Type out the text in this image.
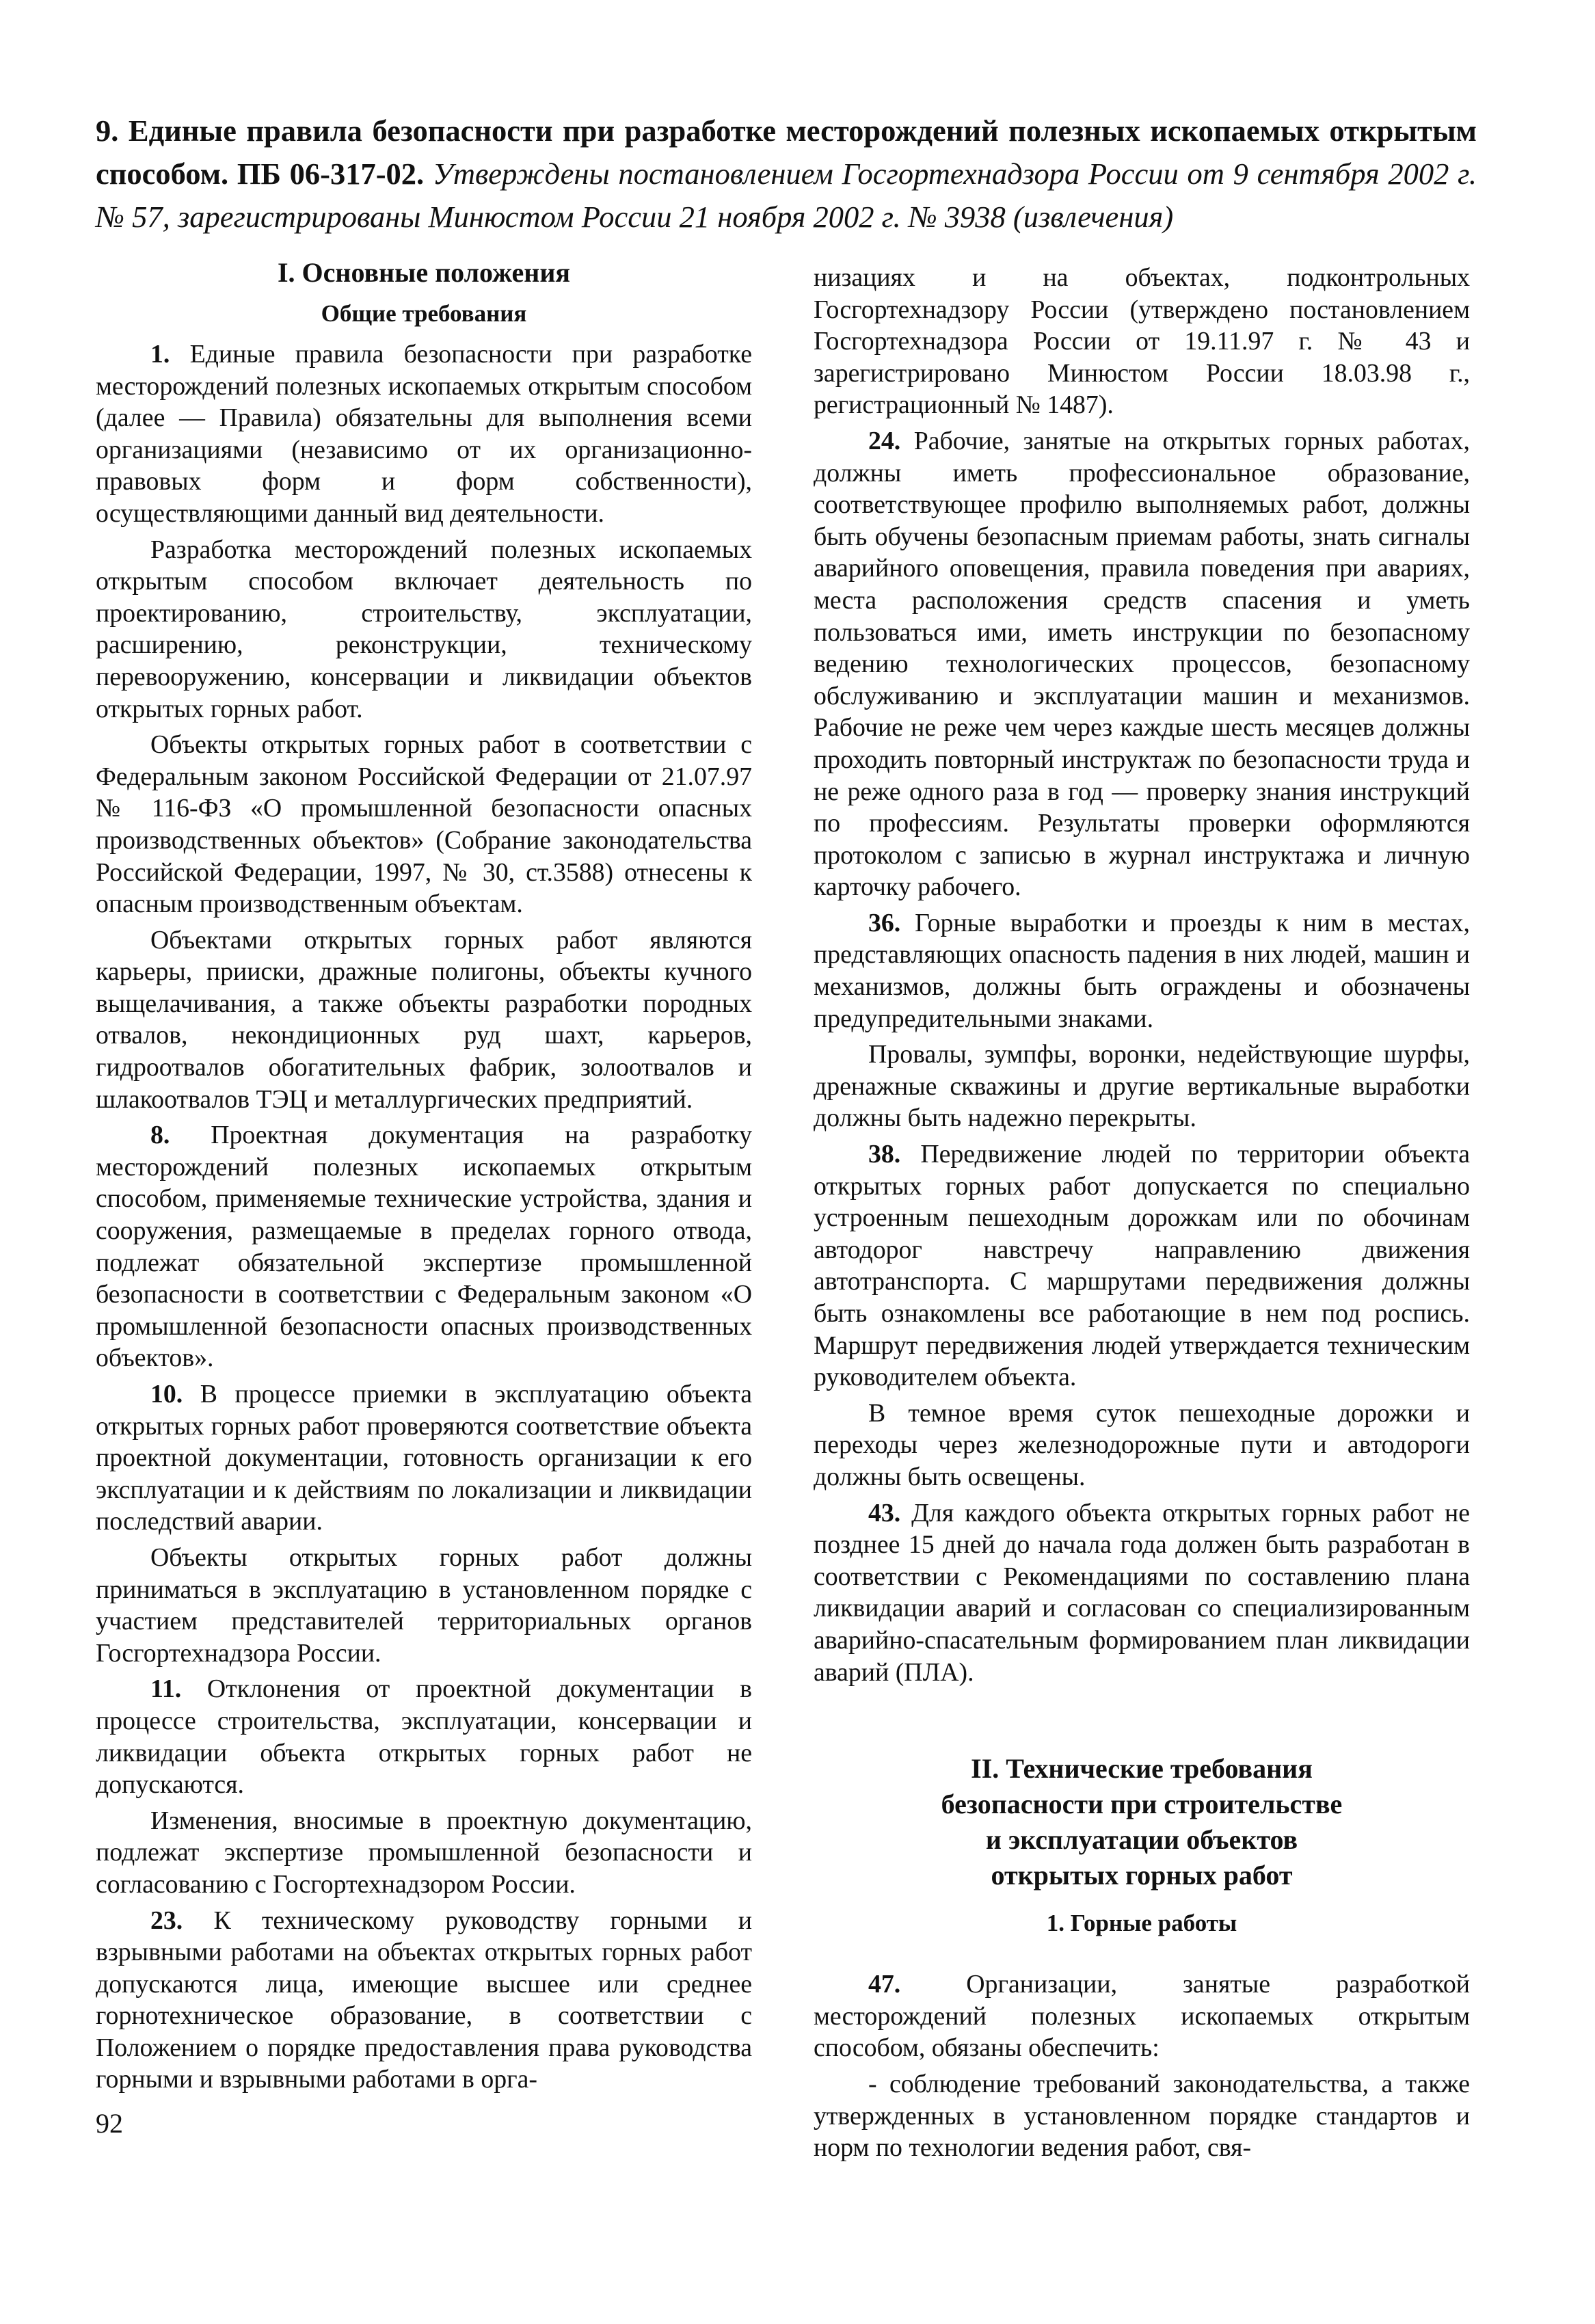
9. Единые правила безопасности при разработке месторождений полезных ископаемых открытым способом. ПБ 06-317-02. Утверждены постановлением Госгортехнадзора России от 9 сентября 2002 г. № 57, зарегистрированы Минюстом России 21 ноября 2002 г. № 3938 (извлечения)
I. Основные положения
Общие требования

1. Единые правила безопасности при разработке месторождений полезных ископаемых открытым способом (далее — Правила) обязательны для выполнения всеми организациями (независимо от их организационно-правовых форм и форм собственности), осуществляющими данный вид деятельности.

Разработка месторождений полезных ископаемых открытым способом включает деятельность по проектированию, строительству, эксплуатации, расширению, реконструкции, техническому перевооружению, консервации и ликвидации объектов открытых горных работ.

Объекты открытых горных работ в соответствии с Федеральным законом Российской Федерации от 21.07.97 № 116-ФЗ «О промышленной безопасности опасных производственных объектов» (Собрание законодательства Российской Федерации, 1997, № 30, ст.3588) отнесены к опасным производственным объектам.

Объектами открытых горных работ являются карьеры, прииски, дражные полигоны, объекты кучного выщелачивания, а также объекты разработки породных отвалов, некондиционных руд шахт, карьеров, гидроотвалов обогатительных фабрик, золоотвалов и шлакоотвалов ТЭЦ и металлургических предприятий.

8. Проектная документация на разработку месторождений полезных ископаемых открытым способом, применяемые технические устройства, здания и сооружения, размещаемые в пределах горного отвода, подлежат обязательной экспертизе промышленной безопасности в соответствии с Федеральным законом «О промышленной безопасности опасных производственных объектов».

10. В процессе приемки в эксплуатацию объекта открытых горных работ проверяются соответствие объекта проектной документации, готовность организации к его эксплуатации и к действиям по локализации и ликвидации последствий аварии.

Объекты открытых горных работ должны приниматься в эксплуатацию в установленном порядке с участием представителей территориальных органов Госгортехнадзора России.

11. Отклонения от проектной документации в процессе строительства, эксплуатации, консервации и ликвидации объекта открытых горных работ не допускаются.

Изменения, вносимые в проектную документацию, подлежат экспертизе промышленной безопасности и согласованию с Госгортехнадзором России.

23. К техническому руководству горными и взрывными работами на объектах открытых горных работ допускаются лица, имеющие высшее или среднее горнотехническое образование, в соответствии с Положением о порядке предоставления права руководства горными и взрывными работами в орга-

низациях и на объектах, подконтрольных Госгортехнадзору России (утверждено постановлением Госгортехнадзора России от 19.11.97 г. № 43 и зарегистрировано Минюстом России 18.03.98 г., регистрационный № 1487).

24. Рабочие, занятые на открытых горных работах, должны иметь профессиональное образование, соответствующее профилю выполняемых работ, должны быть обучены безопасным приемам работы, знать сигналы аварийного оповещения, правила поведения при авариях, места расположения средств спасения и уметь пользоваться ими, иметь инструкции по безопасному ведению технологических процессов, безопасному обслуживанию и эксплуатации машин и механизмов. Рабочие не реже чем через каждые шесть месяцев должны проходить повторный инструктаж по безопасности труда и не реже одного раза в год — проверку знания инструкций по профессиям. Результаты проверки оформляются протоколом с записью в журнал инструктажа и личную карточку рабочего.

36. Горные выработки и проезды к ним в местах, представляющих опасность падения в них людей, машин и механизмов, должны быть ограждены и обозначены предупредительными знаками.

Провалы, зумпфы, воронки, недействующие шурфы, дренажные скважины и другие вертикальные выработки должны быть надежно перекрыты.

38. Передвижение людей по территории объекта открытых горных работ допускается по специально устроенным пешеходным дорожкам или по обочинам автодорог навстречу направлению движения автотранспорта. С маршрутами передвижения должны быть ознакомлены все работающие в нем под роспись. Маршрут передвижения людей утверждается техническим руководителем объекта.

В темное время суток пешеходные дорожки и переходы через железнодорожные пути и автодороги должны быть освещены.

43. Для каждого объекта открытых горных работ не позднее 15 дней до начала года должен быть разработан в соответствии с Рекомендациями по составлению плана ликвидации аварий и согласован со специализированным аварийно-спасательным формированием план ликвидации аварий (ПЛА).

II. Технические требования
безопасности при строительстве
и эксплуатации объектов
открытых горных работ
1. Горные работы

47.	Организации, занятые разработкой месторождений полезных ископаемых открытым способом, обязаны обеспечить:

- соблюдение требований законодательства, а также утвержденных в установленном порядке стандартов и норм по технологии ведения работ, свя-

92
